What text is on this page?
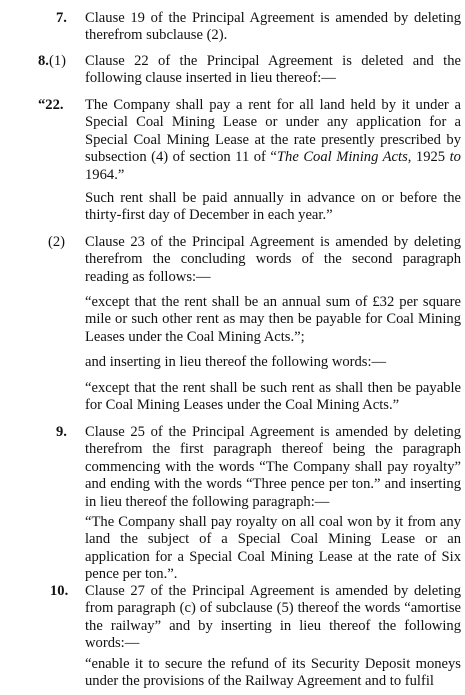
7. Clause 19 of the Principal Agreement is amended by deleting therefrom subclause (2).
8.(1) Clause 22 of the Principal Agreement is deleted and the following clause inserted in lieu thereof:—
“22. The Company shall pay a rent for all land held by it under a Special Coal Mining Lease or under any application for a Special Coal Mining Lease at the rate presently prescribed by subsection (4) of section 11 of “The Coal Mining Acts, 1925 to 1964.”
Such rent shall be paid annually in advance on or before the thirty-first day of December in each year.”
(2) Clause 23 of the Principal Agreement is amended by deleting therefrom the concluding words of the second paragraph reading as follows:—
“except that the rent shall be an annual sum of £32 per square mile or such other rent as may then be payable for Coal Mining Leases under the Coal Mining Acts.”;
and inserting in lieu thereof the following words:—
“except that the rent shall be such rent as shall then be payable for Coal Mining Leases under the Coal Mining Acts.”
9. Clause 25 of the Principal Agreement is amended by deleting therefrom the first paragraph thereof being the paragraph commencing with the words “The Company shall pay royalty” and ending with the words “Three pence per ton.” and inserting in lieu thereof the following paragraph:—
“The Company shall pay royalty on all coal won by it from any land the subject of a Special Coal Mining Lease or an application for a Special Coal Mining Lease at the rate of Six pence per ton.”.
10. Clause 27 of the Principal Agreement is amended by deleting from paragraph (c) of subclause (5) thereof the words “amortise the railway” and by inserting in lieu thereof the following words:—
“enable it to secure the refund of its Security Deposit moneys under the provisions of the Railway Agreement and to fulfil
